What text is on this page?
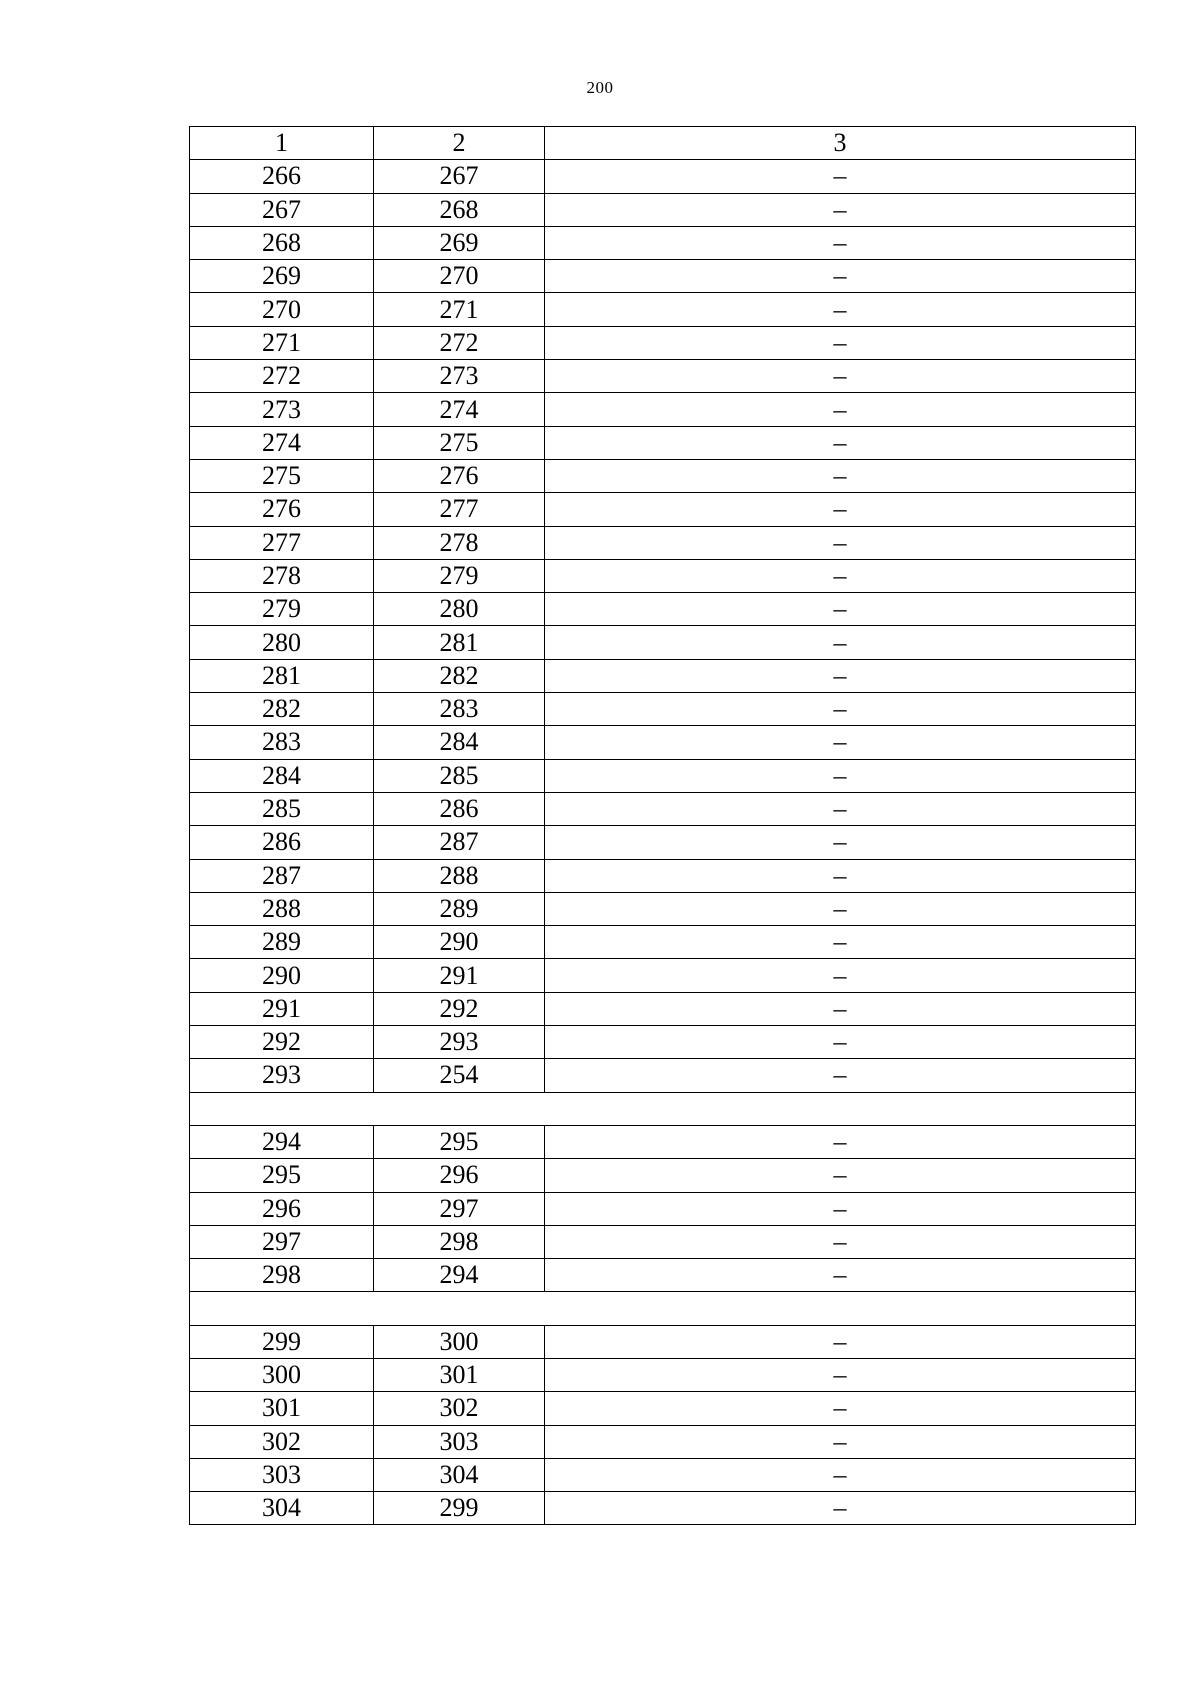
200
1	2	3
266	267	–
267	268	–
268	269	–
269	270	–
270	271	–
271	272	–
272	273	–
273	274	–
274	275	–
275	276	–
276	277	–
277	278	–
278	279	–
279	280	–
280	281	–
281	282	–
282	283	–
283	284	–
284	285	–
285	286	–
286	287	–
287	288	–
288	289	–
289	290	–
290	291	–
291	292	–
292	293	–
293	254	–

294	295	–
295	296	–
296	297	–
297	298	–
298	294	–

299	300	–
300	301	–
301	302	–
302	303	–
303	304	–
304	299	–
